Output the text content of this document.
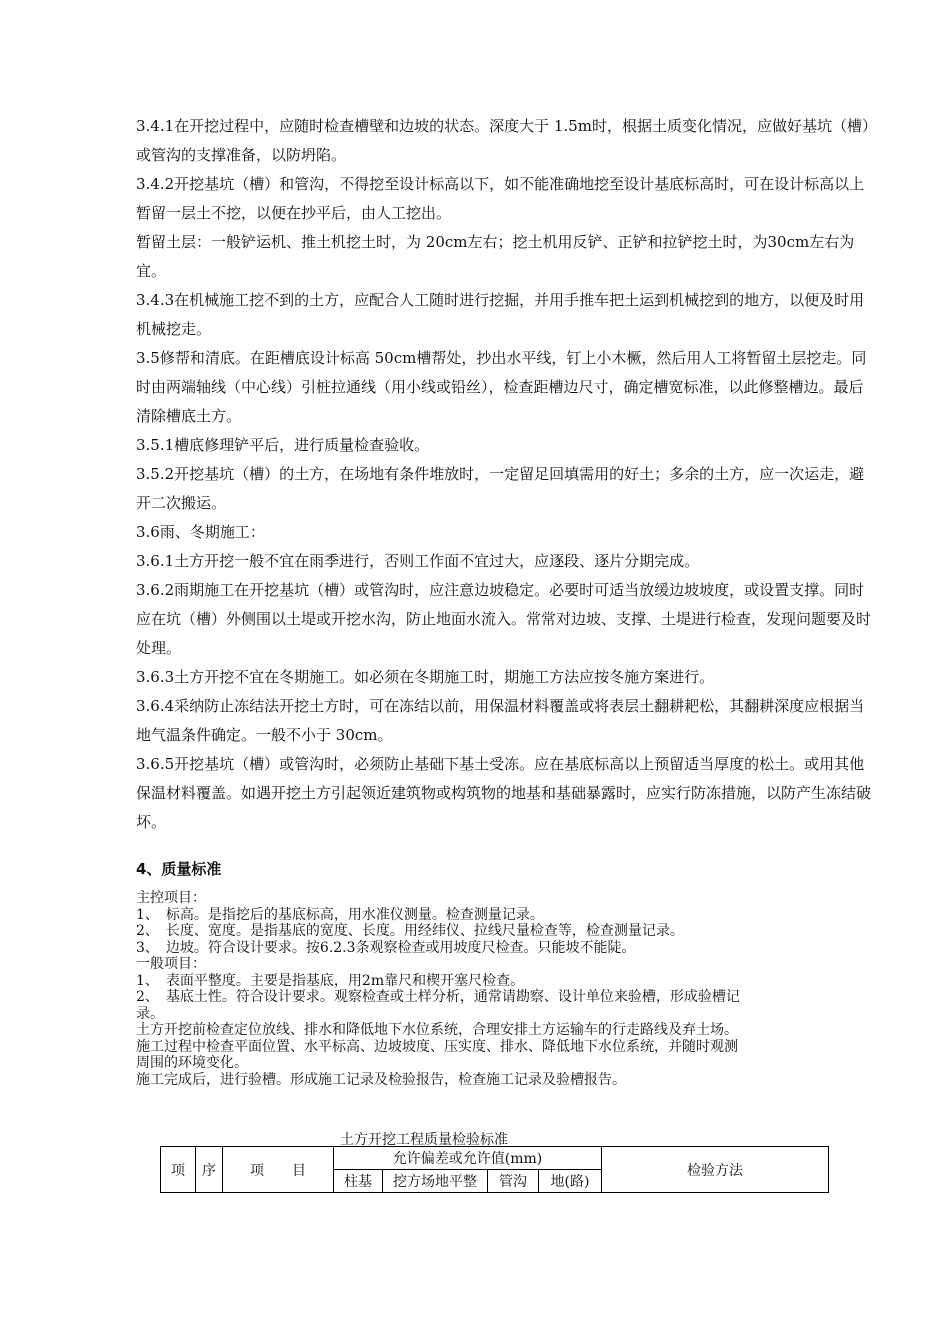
3.4.1在开挖过程中，应随时检查槽壁和边坡的状态。深度大于 1.5m时，根据土质变化情况，应做好基坑（槽）或管沟的支撑准备，以防坍陷。

3.4.2开挖基坑（槽）和管沟，不得挖至设计标高以下，如不能准确地挖至设计基底标高时，可在设计标高以上暂留一层土不挖，以便在抄平后，由人工挖出。

暂留土层：一般铲运机、推土机挖土时，为 20cm左右；挖土机用反铲、正铲和拉铲挖土时，为30cm左右为宜。

3.4.3在机械施工挖不到的土方，应配合人工随时进行挖掘，并用手推车把土运到机械挖到的地方，以便及时用机械挖走。

3.5修帮和清底。在距槽底设计标高 50cm槽帮处，抄出水平线，钉上小木橛，然后用人工将暂留土层挖走。同时由两端轴线（中心线）引桩拉通线（用小线或铅丝），检查距槽边尺寸，确定槽宽标准，以此修整槽边。最后清除槽底土方。

3.5.1槽底修理铲平后，进行质量检查验收。

3.5.2开挖基坑（槽）的土方，在场地有条件堆放时，一定留足回填需用的好土；多余的土方，应一次运走，避开二次搬运。

3.6雨、冬期施工：

3.6.1土方开挖一般不宜在雨季进行，否则工作面不宜过大，应逐段、逐片分期完成。

3.6.2雨期施工在开挖基坑（槽）或管沟时，应注意边坡稳定。必要时可适当放缓边坡坡度，或设置支撑。同时应在坑（槽）外侧围以土堤或开挖水沟，防止地面水流入。常常对边坡、支撑、土堤进行检查，发现问题要及时处理。

3.6.3土方开挖不宜在冬期施工。如必须在冬期施工时，期施工方法应按冬施方案进行。

3.6.4采纳防止冻结法开挖土方时，可在冻结以前，用保温材料覆盖或将表层土翻耕耙松，其翻耕深度应根据当地气温条件确定。一般不小于 30cm。

3.6.5开挖基坑（槽）或管沟时，必须防止基础下基土受冻。应在基底标高以上预留适当厚度的松土。或用其他保温材料覆盖。如遇开挖土方引起领近建筑物或构筑物的地基和基础暴露时，应实行防冻措施，以防产生冻结破坏。

4、质量标准

主控项目：

1、　标高。是指挖后的基底标高，用水准仪测量。检查测量记录。

2、　长度、宽度。是指基底的宽度、长度。用经纬仪、拉线尺量检查等，检查测量记录。

3、　边坡。符合设计要求。按6.2.3条观察检查或用坡度尺检查。只能坡不能陡。

一般项目：

1、　表面平整度。主要是指基底，用2m靠尺和楔开塞尺检查。

2、　基底土性。符合设计要求。观察检查或土样分析，通常请勘察、设计单位来验槽，形成验槽记

录。

土方开挖前检查定位放线、排水和降低地下水位系统，合理安排土方运输车的行走路线及弃土场。

施工过程中检查平面位置、水平标高、边坡坡度、压实度、排水、降低地下水位系统，并随时观测

周围的环境变化。

施工完成后，进行验槽。形成施工记录及检验报告，检查施工记录及验槽报告。

土方开挖工程质量检验标准
项	序	项　　目	允许偏差或允许值(mm)				检验方法
			柱基	挖方场地平整	管沟	地(路)	
